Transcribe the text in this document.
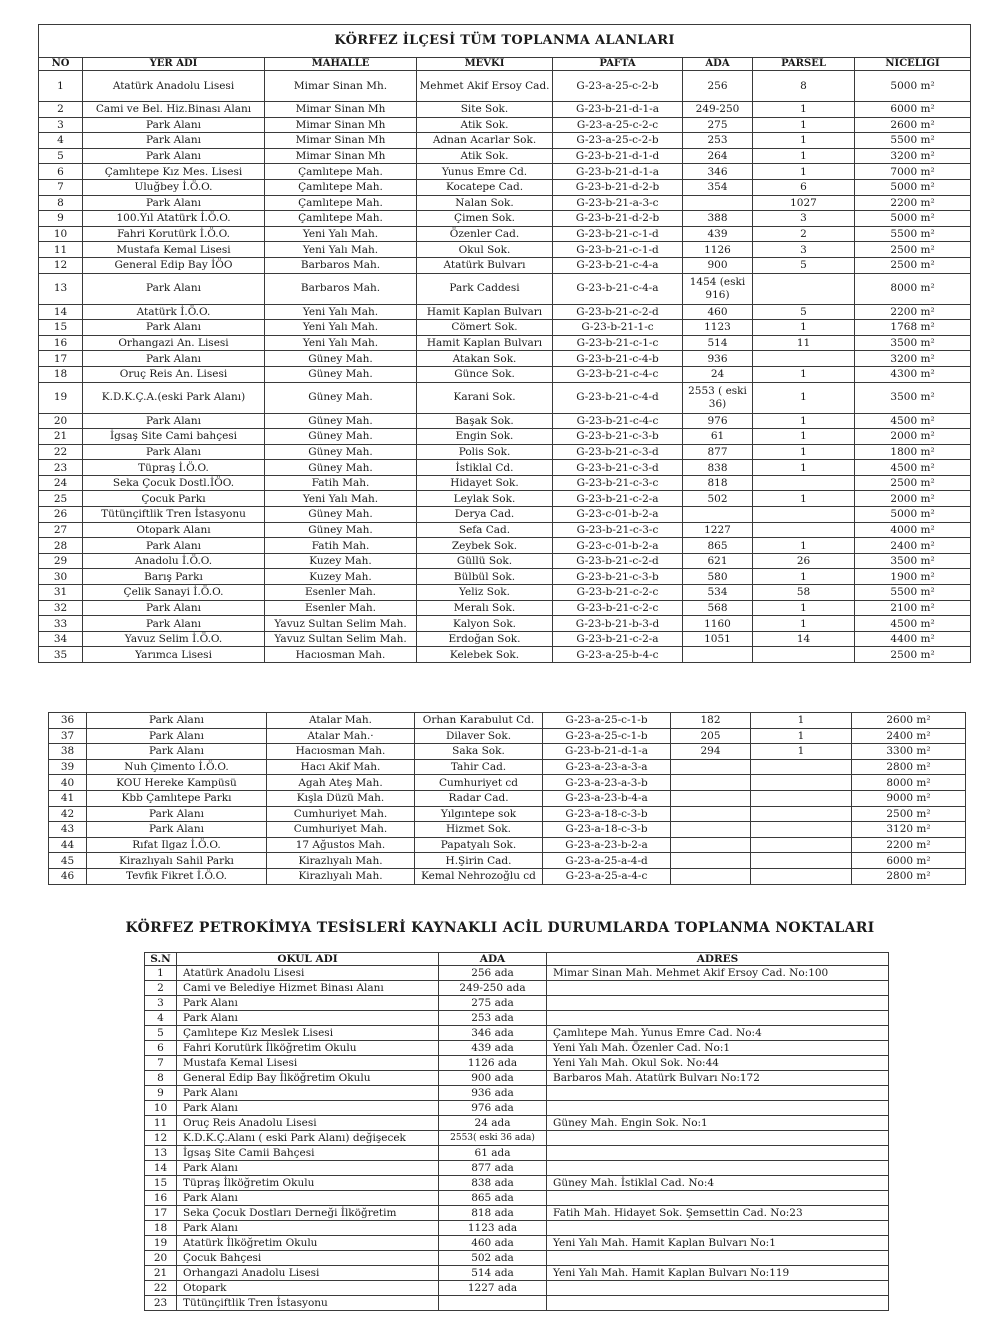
KÖRFEZ İLÇESİ TÜM TOPLANMA ALANLARI							
NO	YER ADI	MAHALLE	MEVKİ	PAFTA	ADA	PARSEL	NİCELİĞİ
1	Atatürk Anadolu Lisesi	Mimar Sinan Mh.	Mehmet Akif Ersoy Cad.	G-23-a-25-c-2-b	256	8	5000 m²
2	Cami ve Bel. Hiz.Binası Alanı	Mimar Sinan Mh	Site Sok.	G-23-b-21-d-1-a	249-250	1	6000 m²
3	Park Alanı	Mimar Sinan Mh	Atik Sok.	G-23-a-25-c-2-c	275	1	2600 m²
4	Park Alanı	Mimar Sinan Mh	Adnan Acarlar Sok.	G-23-a-25-c-2-b	253	1	5500 m²
5	Park Alanı	Mimar Sinan Mh	Atik Sok.	G-23-b-21-d-1-d	264	1	3200 m²
6	Çamlıtepe Kız Mes. Lisesi	Çamlıtepe Mah.	Yunus Emre Cd.	G-23-b-21-d-1-a	346	1	7000 m²
7	Uluğbey İ.Ö.O.	Çamlıtepe Mah.	Kocatepe Cad.	G-23-b-21-d-2-b	354	6	5000 m²
8	Park Alanı	Çamlıtepe Mah.	Nalan Sok.	G-23-b-21-a-3-c		1027	2200 m²
9	100.Yıl Atatürk İ.Ö.O.	Çamlıtepe Mah.	Çimen Sok.	G-23-b-21-d-2-b	388	3	5000 m²
10	Fahri Korutürk İ.Ö.O.	Yeni Yalı Mah.	Özenler Cad.	G-23-b-21-c-1-d	439	2	5500 m²
11	Mustafa Kemal Lisesi	Yeni Yalı Mah.	Okul Sok.	G-23-b-21-c-1-d	1126	3	2500 m²
12	General Edip Bay İÖO	Barbaros Mah.	Atatürk Bulvarı	G-23-b-21-c-4-a	900	5	2500 m²
13	Park Alanı	Barbaros Mah.	Park Caddesi	G-23-b-21-c-4-a	1454 (eski 916)		8000 m²
14	Atatürk İ.Ö.O.	Yeni Yalı Mah.	Hamit Kaplan Bulvarı	G-23-b-21-c-2-d	460	5	2200 m²
15	Park Alanı	Yeni Yalı Mah.	Cömert Sok.	G-23-b-21-1-c	1123	1	1768 m²
16	Orhangazi An. Lisesi	Yeni Yalı Mah.	Hamit Kaplan Bulvarı	G-23-b-21-c-1-c	514	11	3500 m²
17	Park Alanı	Güney Mah.	Atakan Sok.	G-23-b-21-c-4-b	936		3200 m²
18	Oruç Reis An. Lisesi	Güney Mah.	Günce Sok.	G-23-b-21-c-4-c	24	1	4300 m²
19	K.D.K.Ç.A.(eski Park Alanı)	Güney Mah.	Karani Sok.	G-23-b-21-c-4-d	2553 ( eski 36)	1	3500 m²
20	Park Alanı	Güney Mah.	Başak Sok.	G-23-b-21-c-4-c	976	1	4500 m²
21	İgsaş Site Cami bahçesi	Güney Mah.	Engin Sok.	G-23-b-21-c-3-b	61	1	2000 m²
22	Park Alanı	Güney Mah.	Polis Sok.	G-23-b-21-c-3-d	877	1	1800 m²
23	Tüpraş İ.Ö.O.	Güney Mah.	İstiklal Cd.	G-23-b-21-c-3-d	838	1	4500 m²
24	Seka Çocuk Dostl.İÖO.	Fatih Mah.	Hidayet Sok.	G-23-b-21-c-3-c	818		2500 m²
25	Çocuk Parkı	Yeni Yalı Mah.	Leylak Sok.	G-23-b-21-c-2-a	502	1	2000 m²
26	Tütünçiftlik Tren İstasyonu	Güney Mah.	Derya Cad.	G-23-c-01-b-2-a			5000 m²
27	Otopark Alanı	Güney Mah.	Sefa Cad.	G-23-b-21-c-3-c	1227		4000 m²
28	Park Alanı	Fatih Mah.	Zeybek Sok.	G-23-c-01-b-2-a	865	1	2400 m²
29	Anadolu İ.Ö.O.	Kuzey Mah.	Güllü Sok.	G-23-b-21-c-2-d	621	26	3500 m²
30	Barış Parkı	Kuzey Mah.	Bülbül Sok.	G-23-b-21-c-3-b	580	1	1900 m²
31	Çelik Sanayi İ.Ö.O.	Esenler Mah.	Yeliz Sok.	G-23-b-21-c-2-c	534	58	5500 m²
32	Park Alanı	Esenler Mah.	Meralı Sok.	G-23-b-21-c-2-c	568	1	2100 m²
33	Park Alanı	Yavuz Sultan Selim Mah.	Kalyon Sok.	G-23-b-21-b-3-d	1160	1	4500 m²
34	Yavuz Selim İ.Ö.O.	Yavuz Sultan Selim Mah.	Erdoğan Sok.	G-23-b-21-c-2-a	1051	14	4400 m²
35	Yarımca Lisesi	Hacıosman Mah.	Kelebek Sok.	G-23-a-25-b-4-c			2500 m²
36	Park Alanı	Atalar Mah.	Orhan Karabulut Cd.	G-23-a-25-c-1-b	182	1	2600 m²
37	Park Alanı	Atalar Mah.·	Dilaver Sok.	G-23-a-25-c-1-b	205	1	2400 m²
38	Park Alanı	Hacıosman Mah.	Saka Sok.	G-23-b-21-d-1-a	294	1	3300 m²
39	Nuh Çimento İ.Ö.O.	Hacı Akif Mah.	Tahir Cad.	G-23-a-23-a-3-a			2800 m²
40	KOU Hereke Kampüsü	Agah Ateş Mah.	Cumhuriyet cd	G-23-a-23-a-3-b			8000 m²
41	Kbb Çamlıtepe Parkı	Kışla Düzü Mah.	Radar Cad.	G-23-a-23-b-4-a			9000 m²
42	Park Alanı	Cumhuriyet Mah.	Yılgıntepe sok	G-23-a-18-c-3-b			2500 m²
43	Park Alanı	Cumhuriyet Mah.	Hizmet Sok.	G-23-a-18-c-3-b			3120 m²
44	Rıfat Ilgaz İ.Ö.O.	17 Ağustos Mah.	Papatyalı Sok.	G-23-a-23-b-2-a			2200 m²
45	Kirazlıyalı Sahil Parkı	Kirazlıyalı Mah.	H.Şirin Cad.	G-23-a-25-a-4-d			6000 m²
46	Tevfik Fikret İ.Ö.O.	Kirazlıyalı Mah.	Kemal Nehrozoğlu cd	G-23-a-25-a-4-c			2800 m²
KÖRFEZ PETROKİMYA TESİSLERİ KAYNAKLI ACİL DURUMLARDA TOPLANMA NOKTALARI
S.N	OKUL ADI	ADA	ADRES
1	Atatürk Anadolu Lisesi	256 ada	Mimar Sinan Mah. Mehmet Akif Ersoy Cad. No:100
2	Cami ve Belediye Hizmet Binası Alanı	249-250 ada	
3	Park Alanı	275 ada	
4	Park Alanı	253 ada	
5	Çamlıtepe Kız Meslek Lisesi	346 ada	Çamlıtepe Mah. Yunus Emre Cad. No:4
6	Fahri Korutürk İlköğretim Okulu	439 ada	Yeni Yalı Mah. Özenler Cad. No:1
7	Mustafa Kemal Lisesi	1126 ada	Yeni Yalı Mah. Okul Sok. No:44
8	General Edip Bay İlköğretim Okulu	900 ada	Barbaros Mah. Atatürk Bulvarı No:172
9	Park Alanı	936 ada	
10	Park Alanı	976 ada	
11	Oruç Reis Anadolu Lisesi	24 ada	Güney Mah. Engin Sok. No:1
12	K.D.K.Ç.Alanı ( eski Park Alanı) değişecek	2553( eski 36 ada)	
13	İgsaş Site Camii Bahçesi	61 ada	
14	Park Alanı	877 ada	
15	Tüpraş İlköğretim Okulu	838 ada	Güney Mah. İstiklal Cad. No:4
16	Park Alanı	865 ada	
17	Seka Çocuk Dostları Derneği İlköğretim	818 ada	Fatih Mah. Hidayet Sok. Şemsettin Cad. No:23
18	Park Alanı	1123 ada	
19	Atatürk İlköğretim Okulu	460 ada	Yeni Yalı Mah. Hamit Kaplan Bulvarı No:1
20	Çocuk Bahçesi	502 ada	
21	Orhangazi Anadolu Lisesi	514 ada	Yeni Yalı Mah. Hamit Kaplan Bulvarı No:119
22	Otopark	1227 ada	
23	Tütünçiftlik Tren İstasyonu		
